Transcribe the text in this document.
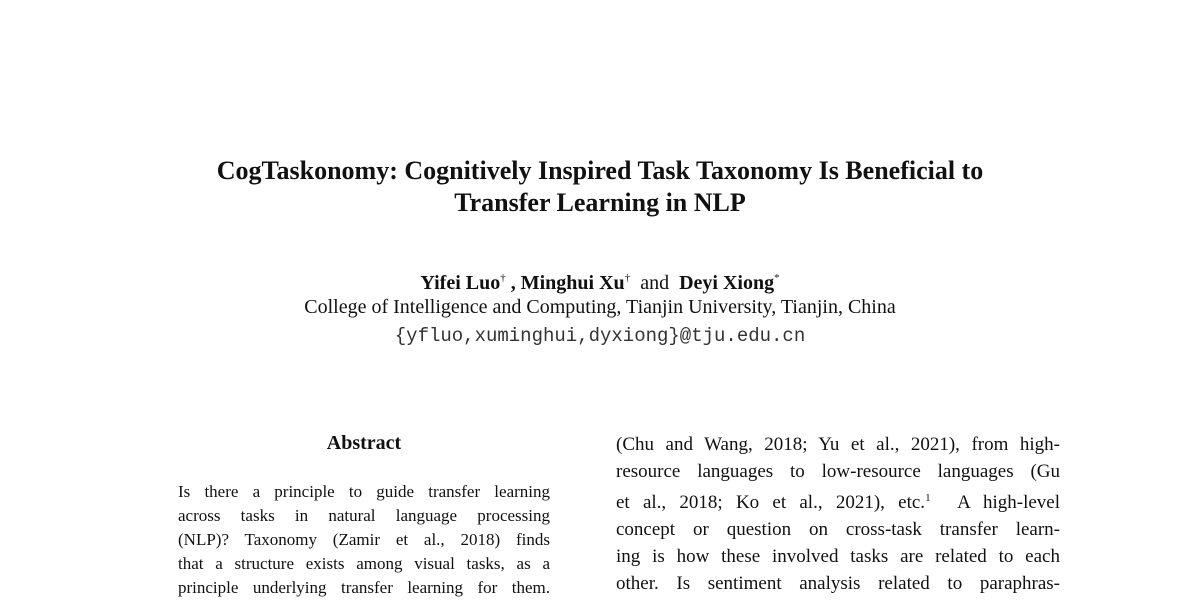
CogTaskonomy: Cognitively Inspired Task Taxonomy Is Beneficial to
Transfer Learning in NLP
Yifei Luo† , Minghui Xu† and Deyi Xiong*
College of Intelligence and Computing, Tianjin University, Tianjin, China
{yfluo,xuminghui,dyxiong}@tju.edu.cn
Abstract
Is there a principle to guide transfer learning
across tasks in natural language processing
(NLP)? Taxonomy (Zamir et al., 2018) finds
that a structure exists among visual tasks, as a
principle underlying transfer learning for them.
(Chu and Wang, 2018; Yu et al., 2021), from high-
resource languages to low-resource languages (Gu
et al., 2018; Ko et al., 2021), etc.$^1$ A high-level
concept or question on cross-task transfer learn-
ing is how these involved tasks are related to each
other. Is sentiment analysis related to paraphras-
